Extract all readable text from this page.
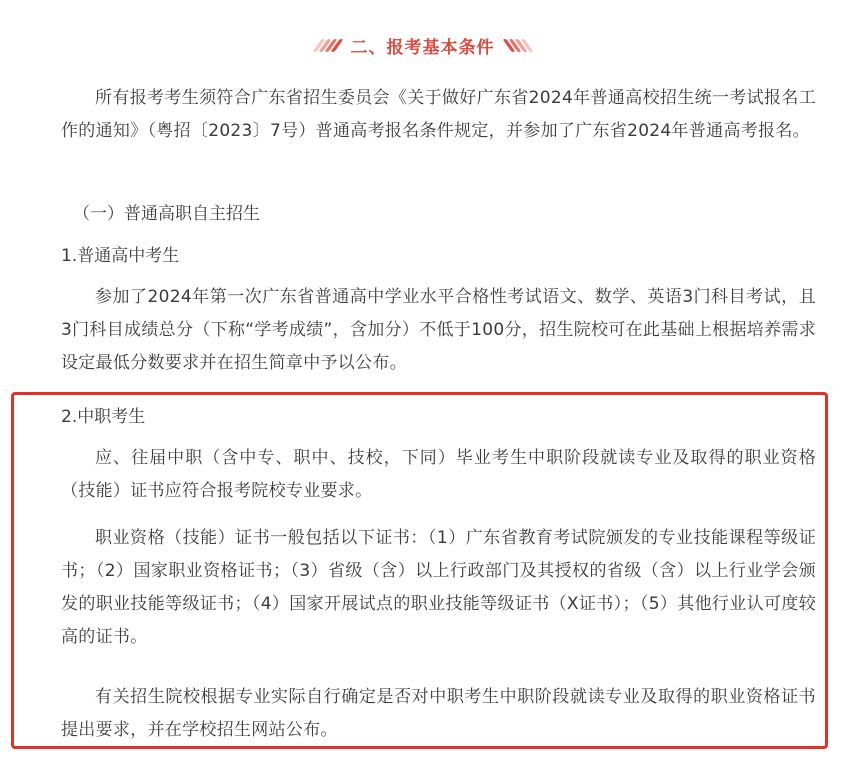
二、报考基本条件

所有报考考生须符合广东省招生委员会《关于做好广东省2024年普通高校招生统一考试报名工作的通知》（粤招〔2023〕7号）普通高考报名条件规定，并参加了广东省2024年普通高考报名。

（一）普通高职自主招生

1.普通高中考生

参加了2024年第一次广东省普通高中学业水平合格性考试语文、数学、英语3门科目考试，且3门科目成绩总分（下称“学考成绩”，含加分）不低于100分，招生院校可在此基础上根据培养需求设定最低分数要求并在招生简章中予以公布。

2.中职考生

应、往届中职（含中专、职中、技校，下同）毕业考生中职阶段就读专业及取得的职业资格（技能）证书应符合报考院校专业要求。

职业资格（技能）证书一般包括以下证书：（1）广东省教育考试院颁发的专业技能课程等级证书；（2）国家职业资格证书；（3）省级（含）以上行政部门及其授权的省级（含）以上行业学会颁发的职业技能等级证书；（4）国家开展试点的职业技能等级证书（X证书）；（5）其他行业认可度较高的证书。

有关招生院校根据专业实际自行确定是否对中职考生中职阶段就读专业及取得的职业资格证书提出要求，并在学校招生网站公布。
